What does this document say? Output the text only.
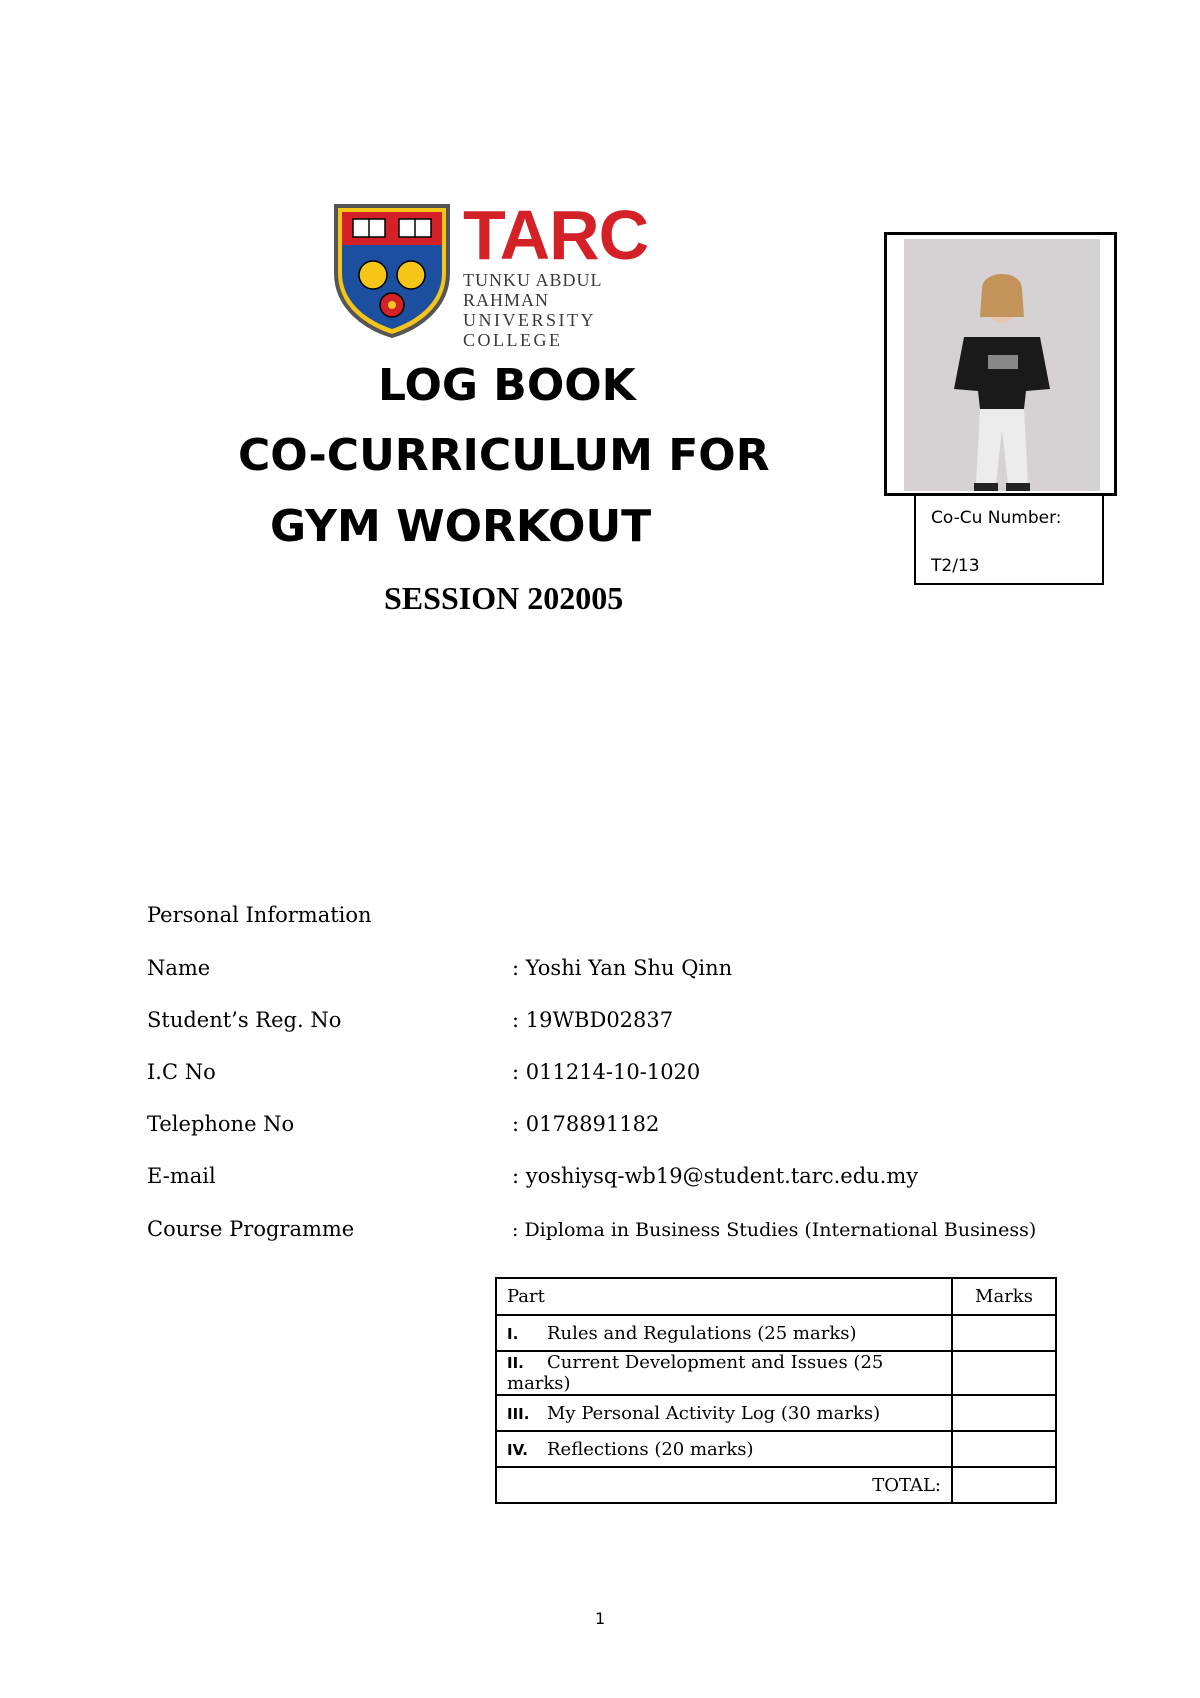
TARC
TUNKU ABDUL RAHMAN
UNIVERSITY COLLEGE
LOG BOOK
CO-CURRICULUM FOR
GYM WORKOUT
SESSION 202005
Co-Cu Number:
T2/13
Personal Information
Name	: Yoshi Yan Shu Qinn
Student’s Reg. No	: 19WBD02837
I.C No	: 011214-10-1020
Telephone No	: 0178891182
E-mail	: yoshiysq-wb19@student.tarc.edu.my
Course Programme	: Diploma in Business Studies (International Business)
Part	Marks
I. Rules and Regulations (25 marks)	
II. Current Development and Issues (25 marks)	
III. My Personal Activity Log (30 marks)	
IV. Reflections (20 marks)	
TOTAL:	
1
